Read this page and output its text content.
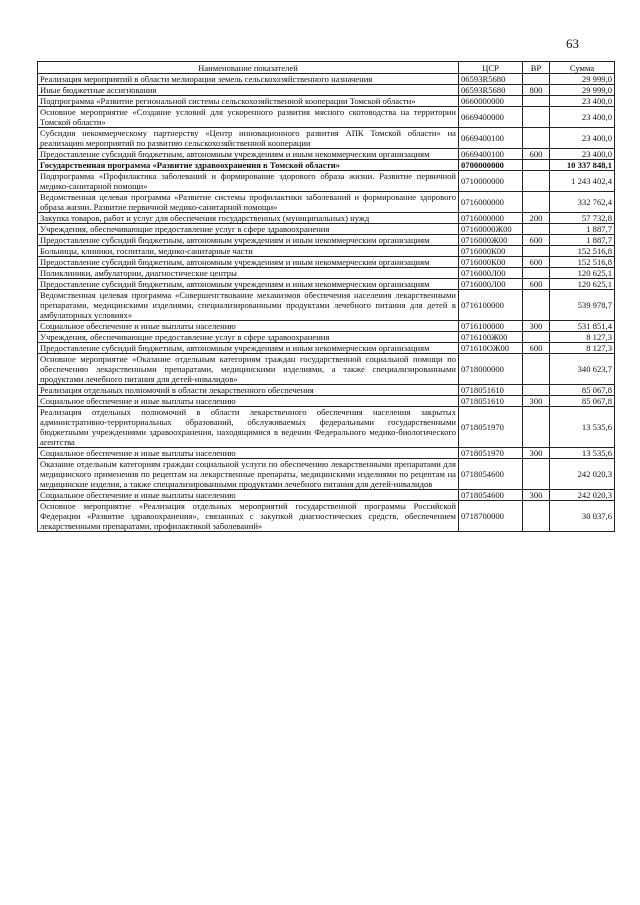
63
Наименование показателей	ЦСР	ВР	Сумма
Реализация мероприятий в области мелиорации земель сельскохозяйственного назначения	06593R5680		29 999,0
Иные бюджетные ассигнования	06593R5680	800	29 999,0
Подпрограмма «Развитие региональной системы сельскохозяйственной кооперации Томской области»	0660000000		23 400,0
Основное мероприятие «Создание условий для ускоренного развития мясного скотоводства на территории Томской области»	0669400000		23 400,0
Субсидия некоммерческому партнерству «Центр инновационного развития АПК Томской области» на реализацию мероприятий по развитию сельскохозяйственной кооперации	0669400100		23 400,0
Предоставление субсидий бюджетным, автономным учреждениям и иным некоммерческим организациям	0669400100	600	23 400,0
Государственная программа «Развитие здравоохранения в Томской области»	0700000000		10 337 848,1
Подпрограмма «Профилактика заболеваний и формирование здорового образа жизни. Развитие первичной медико-санитарной помощи»	0710000000		1 243 402,4
Ведомственная целевая программа «Развитие системы профилактики заболеваний и формирование здорового образа жизни. Развитие первичной медико-санитарной помощи»	0716000000		332 762,4
Закупка товаров, работ и услуг для обеспечения государственных (муниципальных) нужд	0716000000	200	57 732,8
Учреждения, обеспечивающие предоставление услуг в сфере здравоохранения	07160000Ж00		1 887,7
Предоставление субсидий бюджетным, автономным учреждениям и иным некоммерческим организациям	0716000Ж00	600	1 887,7
Больницы, клиники, госпитали, медико-санитарные части	0716000К00		152 516,8
Предоставление субсидий бюджетным, автономным учреждениям и иным некоммерческим организациям	0716000К00	600	152 516,8
Поликлиники, амбулатории, диагностические центры	0716000Л00		120 625,1
Предоставление субсидий бюджетным, автономным учреждениям и иным некоммерческим организациям	0716000Л00	600	120 625,1
Ведомственная целевая программа «Совершенствование механизмов обеспечения населения лекарственными препаратами, медицинскими изделиями, специализированными продуктами лечебного питания для детей в амбулаторных условиях»	0716100000		539 978,7
Социальное обеспечение и иные выплаты населению	0716100000	300	531 851,4
Учреждения, обеспечивающие предоставление услуг в сфере здравоохранения	0716100Ж00		8 127,3
Предоставление субсидий бюджетным, автономным учреждениям и иным некоммерческим организациям	071610ОЖ00	600	8 127,3
Основное мероприятие «Оказание отдельным категориям граждан государственной социальной помощи по обеспечению лекарственными препаратами, медицинскими изделиями, а также специализированными продуктами лечебного питания для детей-инвалидов»	0718000000		340 623,7
Реализация отдельных полномочий в области лекарственного обеспечения	0718051610		85 067,8
Социальное обеспечение и иные выплаты населению	0718051610	300	85 067,8
Реализация отдельных полномочий в области лекарственного обеспечения населения закрытых административно-территориальных образований, обслуживаемых федеральными государственными бюджетными учреждениями здравоохранения, находящимися в ведении Федерального медико-биологического агентства	0718051970		13 535,6
Социальное обеспечение и иные выплаты населению	0718051970	300	13 535,6
Оказание отдельным категориям граждан социальной услуги по обеспечению лекарственными препаратами для медицинского применения по рецептам на лекарственные препараты, медицинскими изделиями по рецептам на медицинские изделия, а также специализированными продуктами лечебного питания для детей-инвалидов	0718054600		242 020,3
Социальное обеспечение и иные выплаты населению	0718054600	300	242 020,3
Основное мероприятие «Реализация отдельных мероприятий государственной программы Российской Федерации «Развитие здравоохранения», связанных с закупкой диагностических средств, обеспечением лекарственными препаратами, профилактикой заболеваний»	0718700000		30 037,6
